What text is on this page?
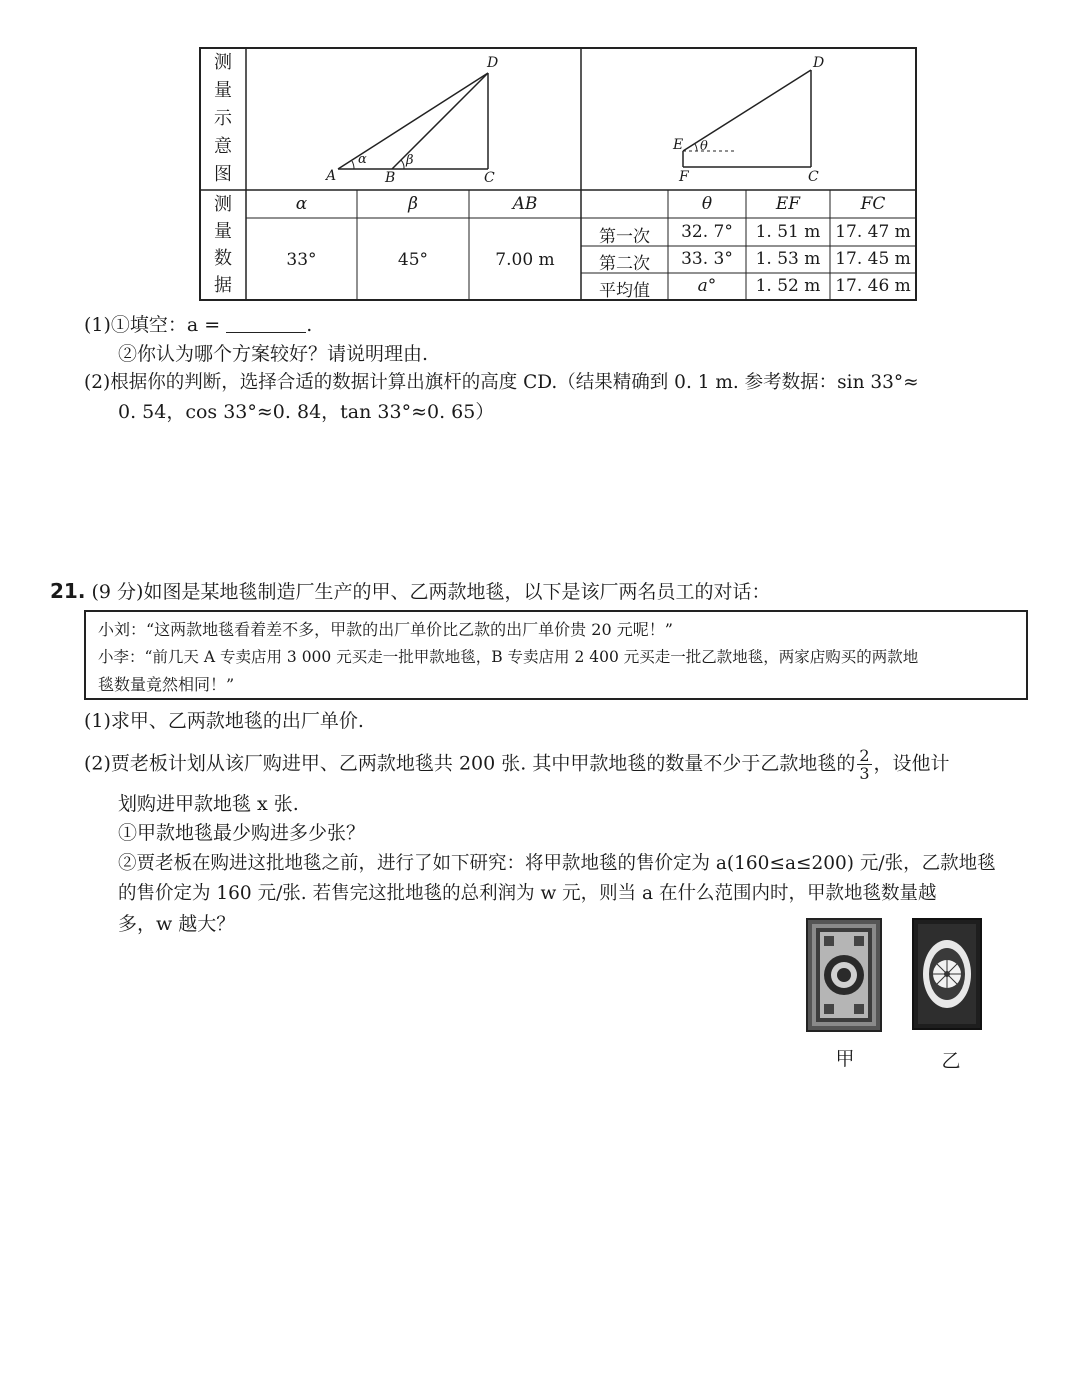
A	B	C
D
α	β
E
F	C
D
θ
测
量
示
意
图
测
量
数
据
α	β	AB
33°	45°	7.00 m
θ	EF	FC
第一次	32. 7°	1. 51 m 17. 47 m
第二次	33. 3°	1. 53 m 17. 45 m
平均值	a°	1. 52 m 17. 46 m
(1)①填空：a =	.
②你认为哪个方案较好？请说明理由.
(2)根据你的判断，选择合适的数据计算出旗杆的高度 CD.（结果精确到 0. 1 m. 参考数据：sin 33°≈
0. 54，cos 33°≈0. 84，tan 33°≈0. 65）
21. (9 分)如图是某地毯制造厂生产的甲、乙两款地毯，以下是该厂两名员工的对话：
小刘：“这两款地毯看着差不多，甲款的出厂单价比乙款的出厂单价贵 20 元呢！”
小李：“前几天 A 专卖店用 3 000 元买走一批甲款地毯，B 专卖店用 2 400 元买走一批乙款地毯，两家店购买的两款地
毯数量竟然相同！”
(1)求甲、乙两款地毯的出厂单价.
(2)贾老板计划从该厂购进甲、乙两款地毯共 200 张. 其中甲款地毯的数量不少于乙款地毯的 $\frac{2}{3}$ ，设他计
划购进甲款地毯 x 张.
①甲款地毯最少购进多少张？
②贾老板在购进这批地毯之前，进行了如下研究：将甲款地毯的售价定为 a(160≤a≤200) 元/张，乙款地毯
的售价定为 160 元/张. 若售完这批地毯的总利润为 w 元，则当 a 在什么范围内时，甲款地毯数量越
多，w 越大？
甲	乙
